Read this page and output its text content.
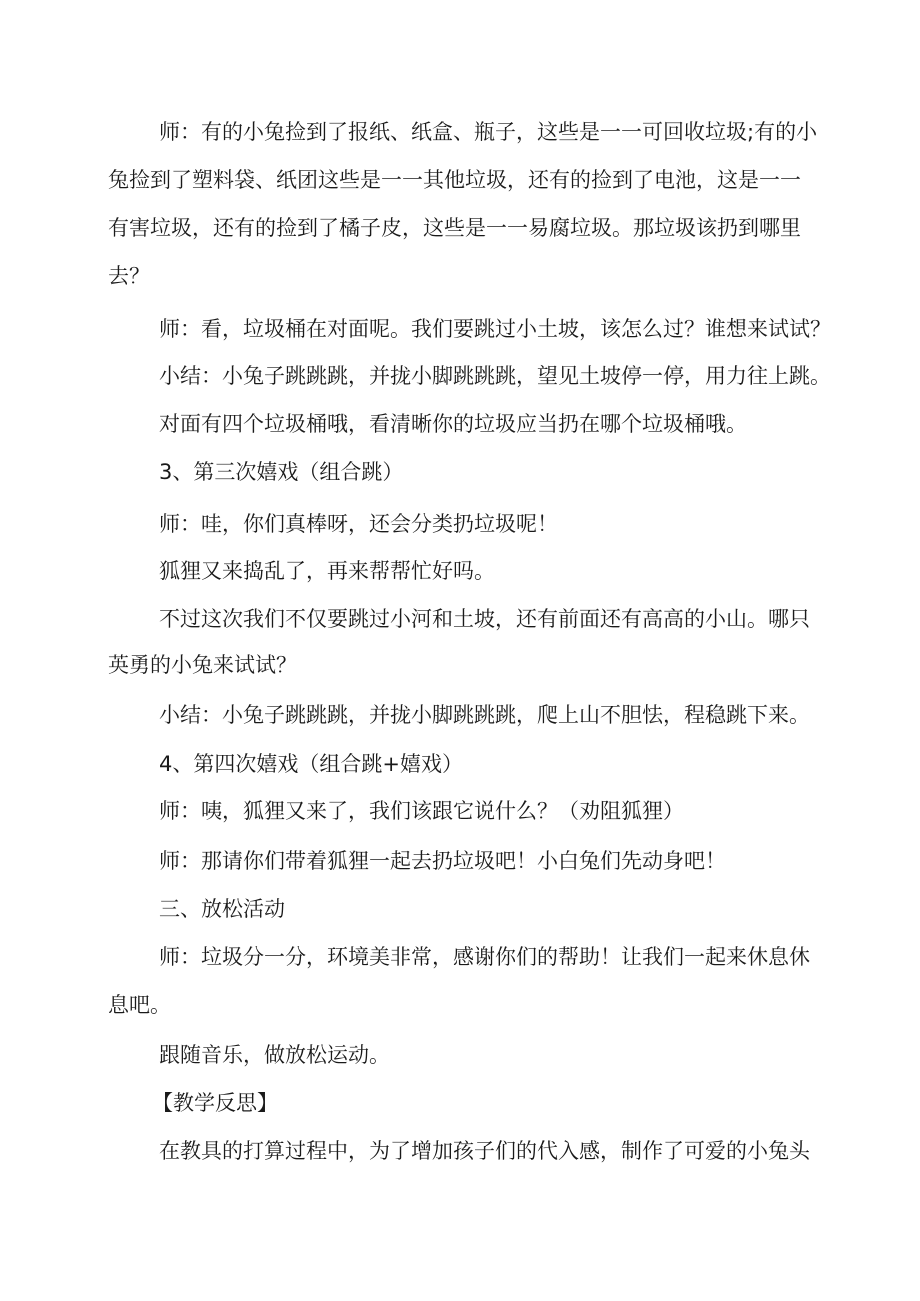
师：有的小兔捡到了报纸、纸盒、瓶子，这些是一一可回收垃圾;有的小
兔捡到了塑料袋、纸团这些是一一其他垃圾，还有的捡到了电池，这是一一
有害垃圾，还有的捡到了橘子皮，这些是一一易腐垃圾。那垃圾该扔到哪里
去？
师：看，垃圾桶在对面呢。我们要跳过小土坡，该怎么过？谁想来试试？
小结：小兔子跳跳跳，并拢小脚跳跳跳，望见土坡停一停，用力往上跳。
对面有四个垃圾桶哦，看清晰你的垃圾应当扔在哪个垃圾桶哦。
3、第三次嬉戏（组合跳）
师：哇，你们真棒呀，还会分类扔垃圾呢！
狐狸又来捣乱了，再来帮帮忙好吗。
不过这次我们不仅要跳过小河和土坡，还有前面还有高高的小山。哪只
英勇的小兔来试试？
小结：小兔子跳跳跳，并拢小脚跳跳跳，爬上山不胆怯，程稳跳下来。
4、第四次嬉戏（组合跳+嬉戏）
师：咦，狐狸又来了，我们该跟它说什么？（劝阻狐狸）
师：那请你们带着狐狸一起去扔垃圾吧！小白兔们先动身吧！
三、放松活动
师：垃圾分一分，环境美非常，感谢你们的帮助！让我们一起来休息休
息吧。
跟随音乐，做放松运动。
【教学反思】
在教具的打算过程中，为了增加孩子们的代入感，制作了可爱的小兔头
